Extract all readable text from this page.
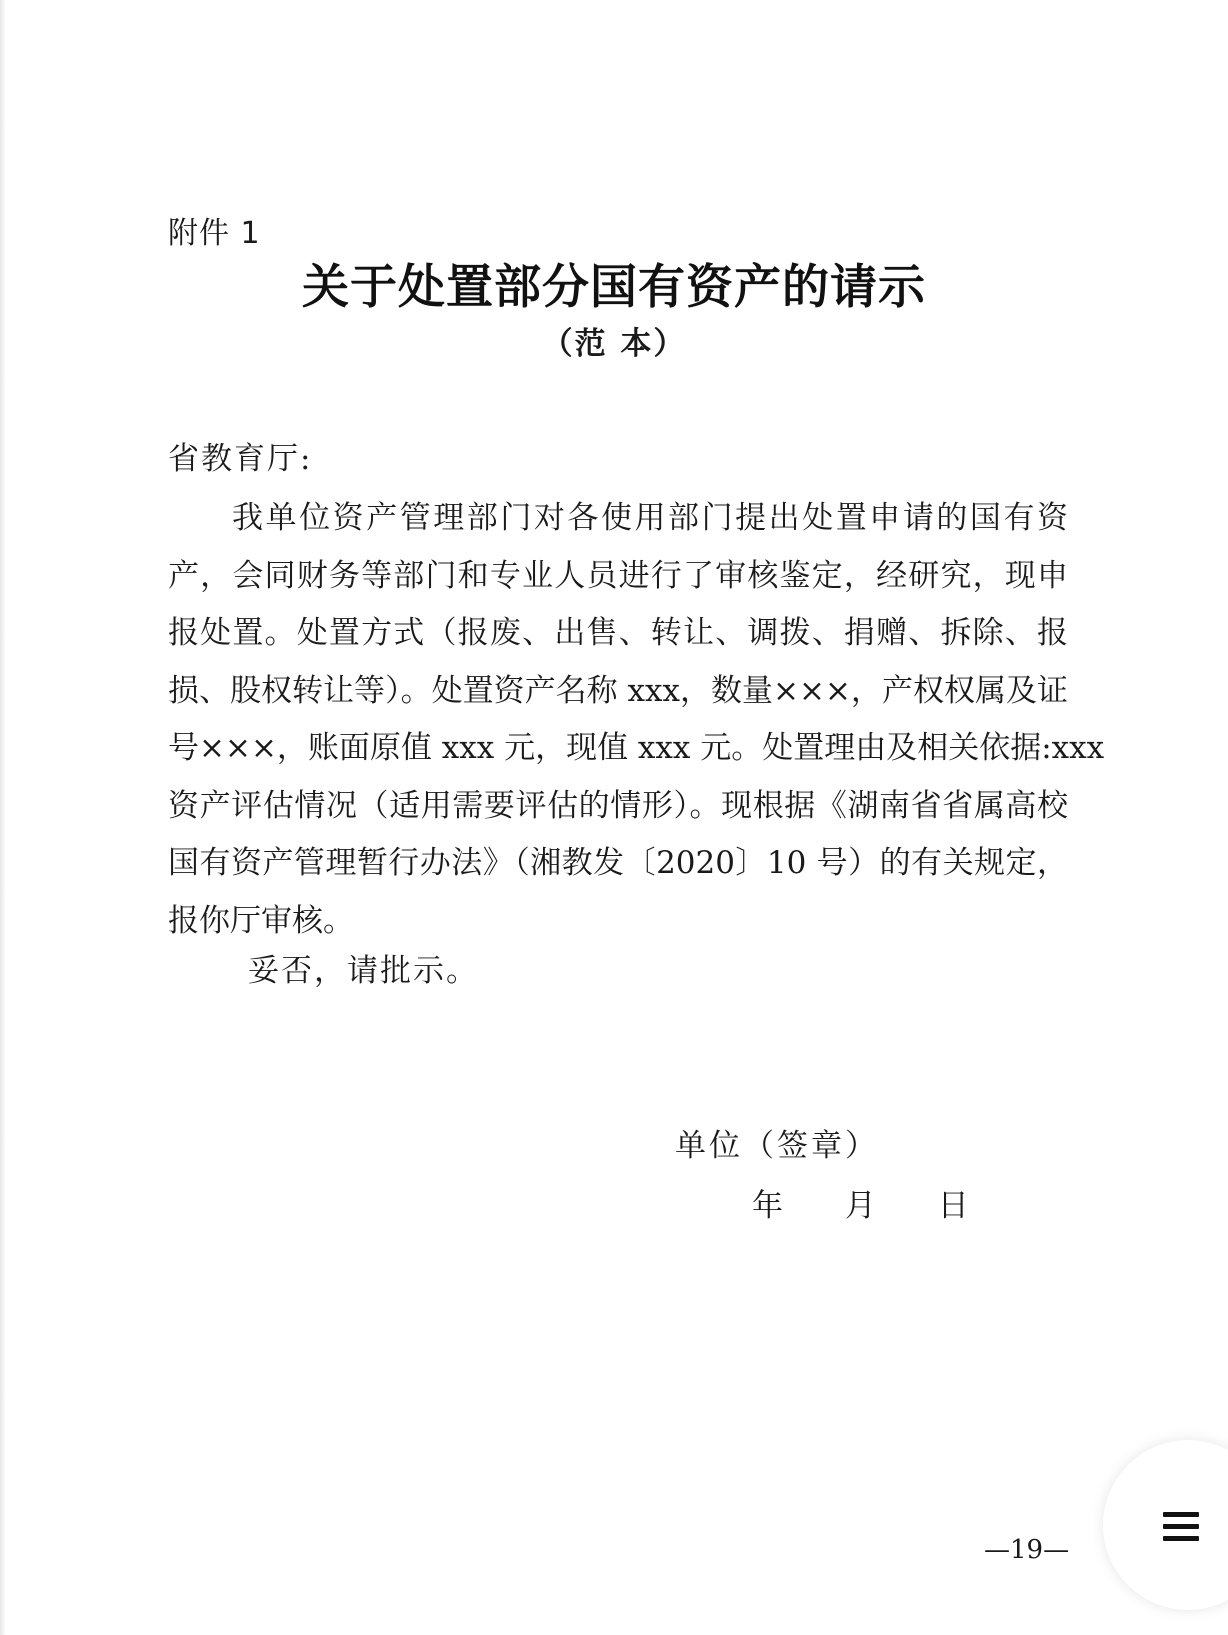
附件 1
关于处置部分国有资产的请示
（范 本）
省教育厅:
我单位资产管理部门对各使用部门提出处置申请的国有资
产，会同财务等部门和专业人员进行了审核鉴定，经研究，现申
报处置。处置方式（报废、出售、转让、调拨、捐赠、拆除、报
损、股权转让等）。处置资产名称 xxx，数量×××，产权权属及证
号×××，账面原值 xxx 元，现值 xxx 元。处置理由及相关依据:xxx
资产评估情况（适用需要评估的情形）。现根据《湖南省省属高校
国有资产管理暂行办法》（湘教发〔2020〕10 号）的有关规定，
报你厅审核。
妥否，请批示。
单位（签章）
年 月 日
—19—
